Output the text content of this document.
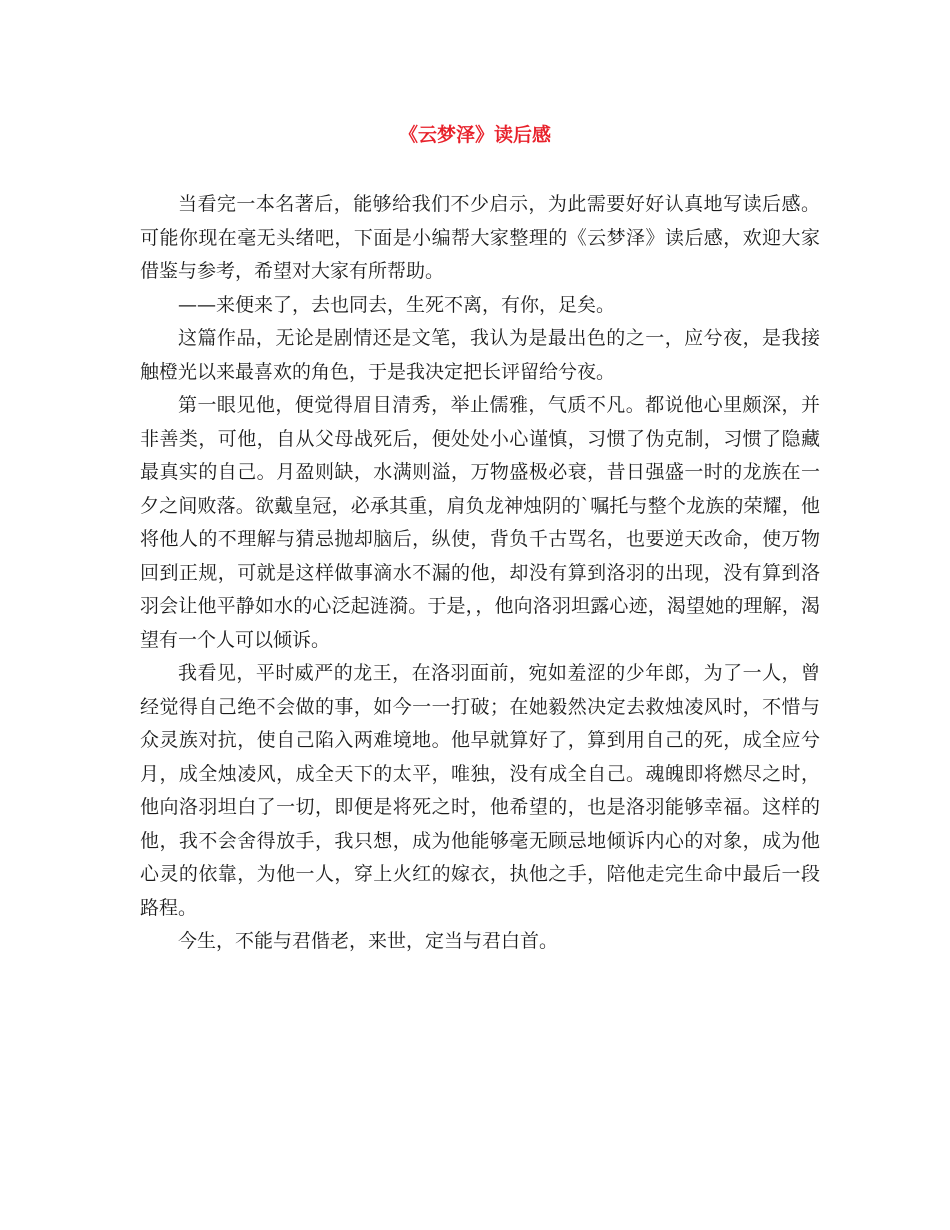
《云梦泽》读后感

当看完一本名著后，能够给我们不少启示，为此需要好好认真地写读后感。可能你现在毫无头绪吧，下面是小编帮大家整理的《云梦泽》读后感，欢迎大家借鉴与参考，希望对大家有所帮助。

——来便来了，去也同去，生死不离，有你，足矣。

这篇作品，无论是剧情还是文笔，我认为是最出色的之一，应兮夜，是我接触橙光以来最喜欢的角色，于是我决定把长评留给兮夜。

第一眼见他，便觉得眉目清秀，举止儒雅，气质不凡。都说他心里颇深，并非善类，可他，自从父母战死后，便处处小心谨慎，习惯了伪克制，习惯了隐藏最真实的自己。月盈则缺，水满则溢，万物盛极必衰，昔日强盛一时的龙族在一夕之间败落。欲戴皇冠，必承其重，肩负龙神烛阴的`嘱托与整个龙族的荣耀，他将他人的不理解与猜忌抛却脑后，纵使，背负千古骂名，也要逆天改命，使万物回到正规，可就是这样做事滴水不漏的他，却没有算到洛羽的出现，没有算到洛羽会让他平静如水的心泛起涟漪。于是，，他向洛羽坦露心迹，渴望她的理解，渴望有一个人可以倾诉。

我看见，平时威严的龙王，在洛羽面前，宛如羞涩的少年郎，为了一人，曾经觉得自己绝不会做的事，如今一一打破；在她毅然决定去救烛凌风时，不惜与众灵族对抗，使自己陷入两难境地。他早就算好了，算到用自己的死，成全应兮月，成全烛凌风，成全天下的太平，唯独，没有成全自己。魂魄即将燃尽之时，他向洛羽坦白了一切，即便是将死之时，他希望的，也是洛羽能够幸福。这样的他，我不会舍得放手，我只想，成为他能够毫无顾忌地倾诉内心的对象，成为他心灵的依靠，为他一人，穿上火红的嫁衣，执他之手，陪他走完生命中最后一段路程。

今生，不能与君偕老，来世，定当与君白首。
